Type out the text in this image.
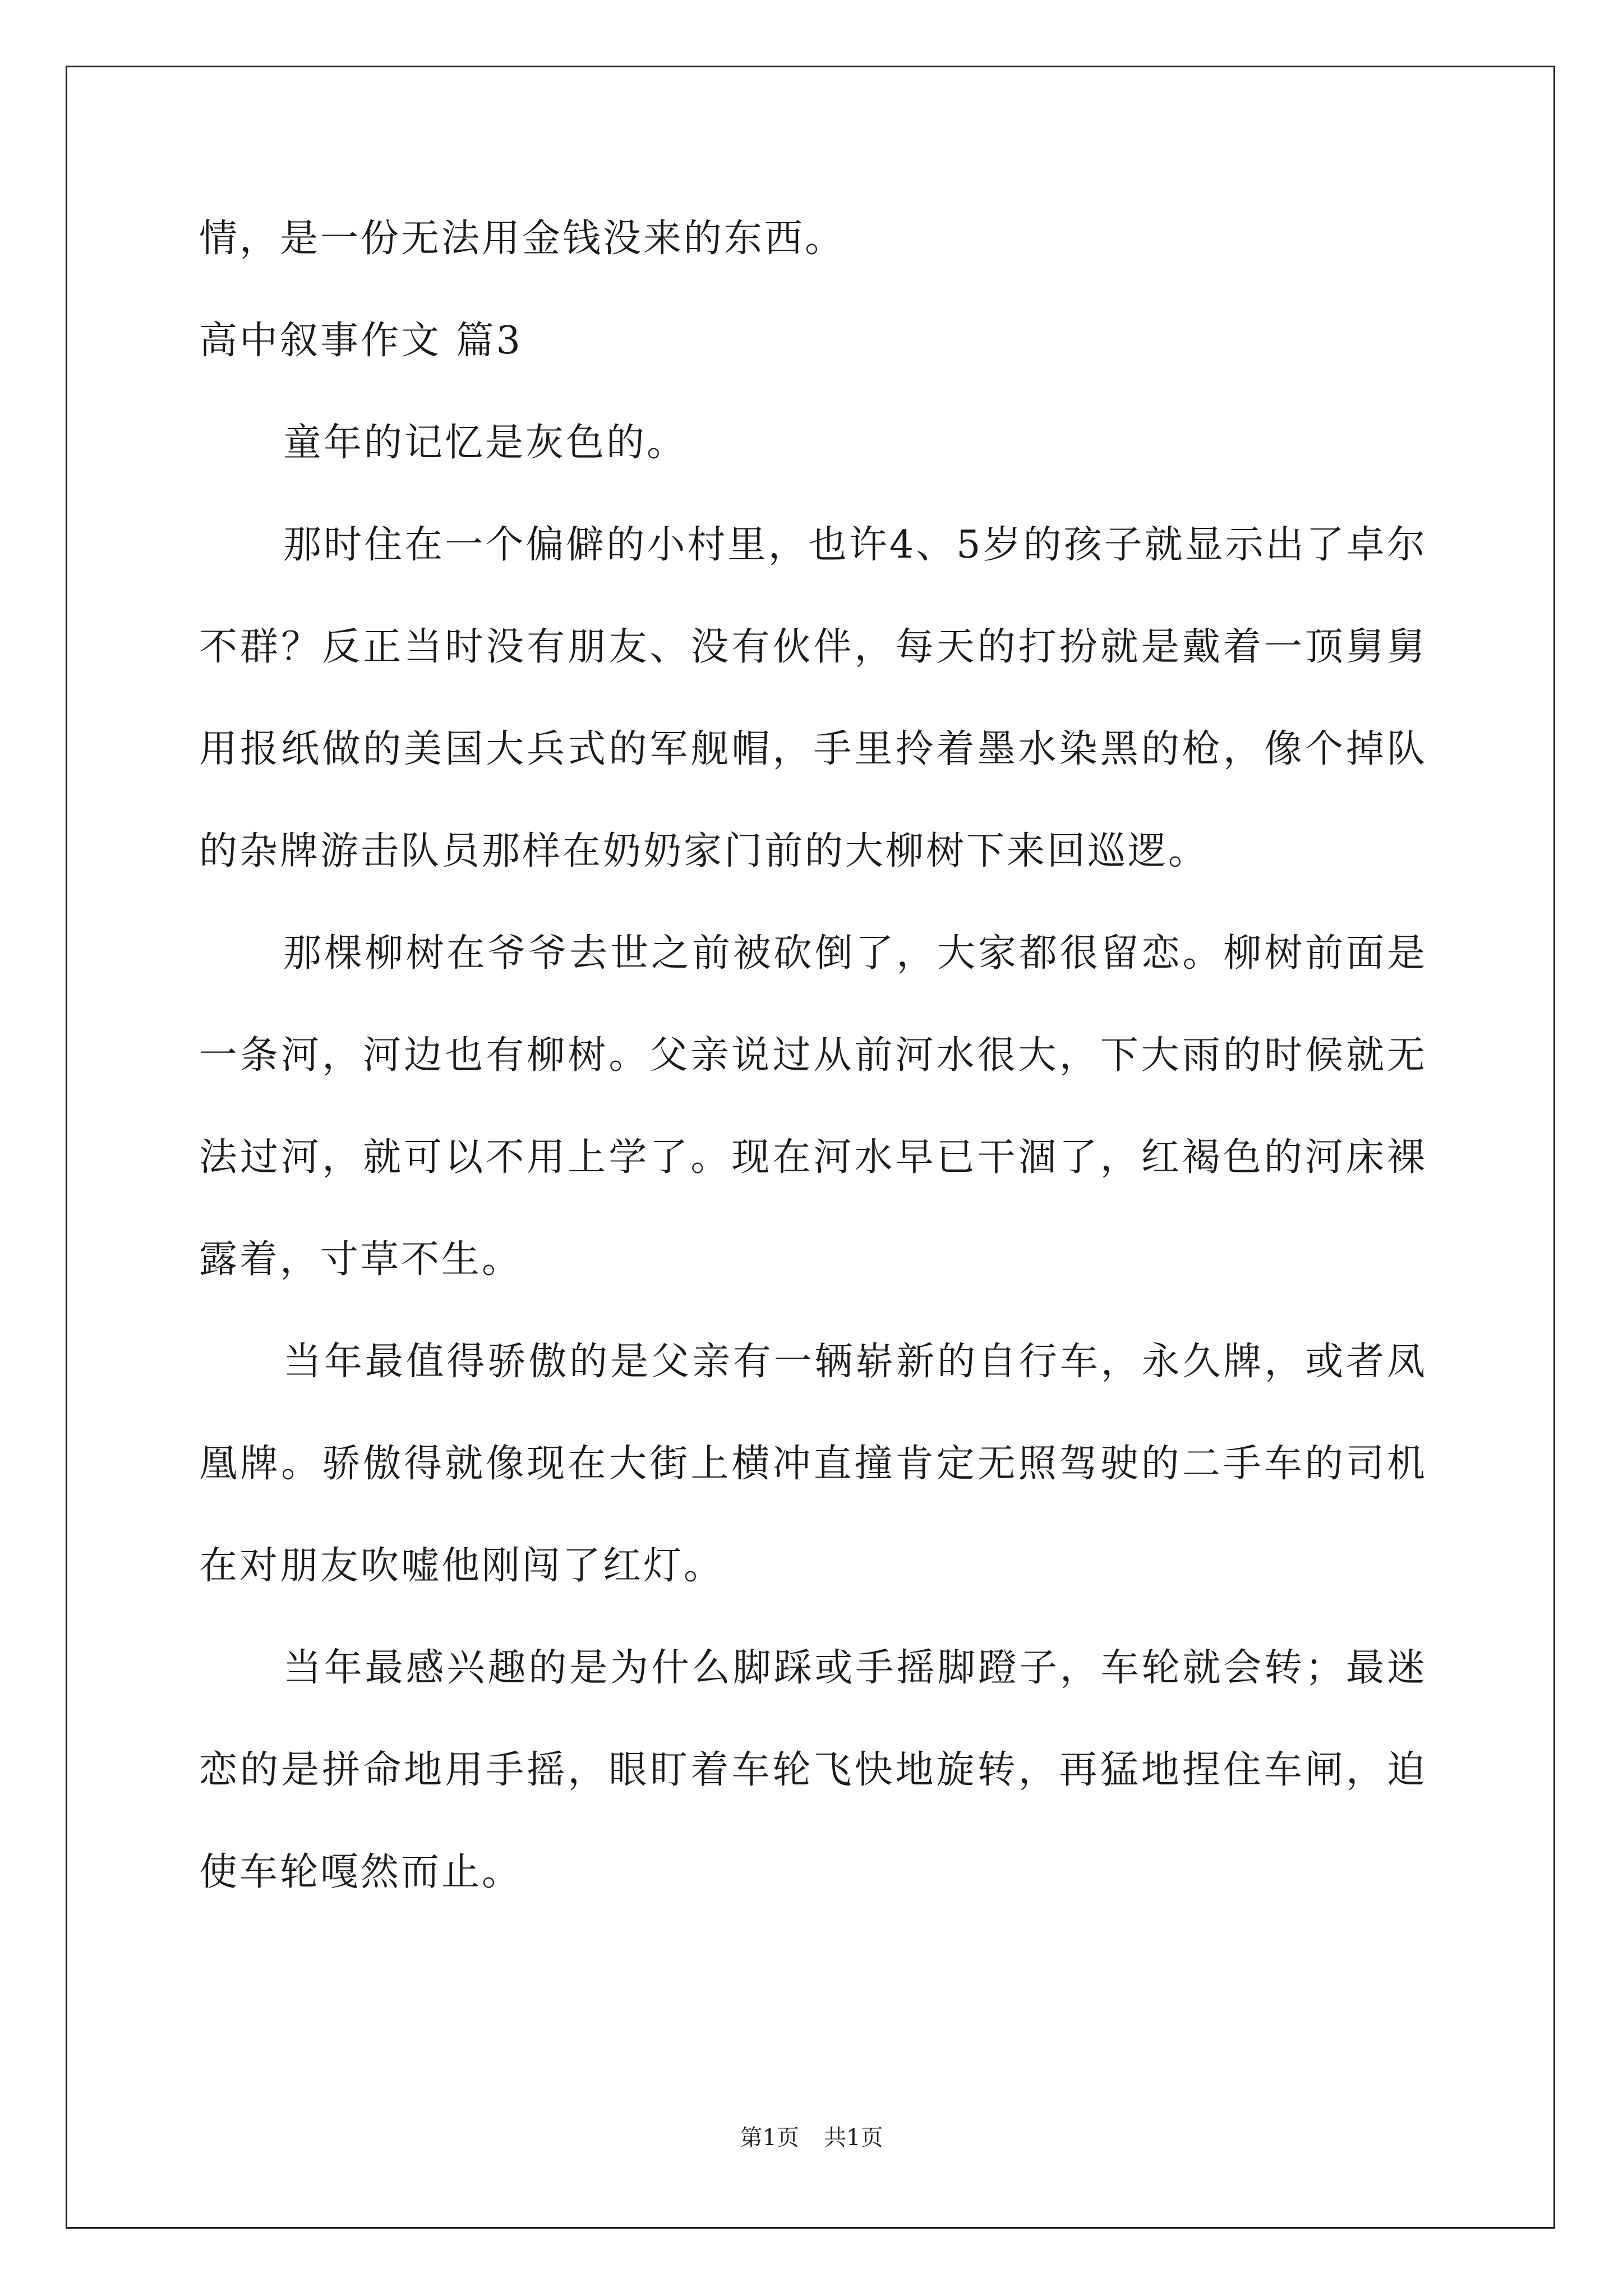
情，是一份无法用金钱没来的东西。
高中叙事作文 篇3
童年的记忆是灰色的。
那时住在一个偏僻的小村里，也许4、5岁的孩子就显示出了卓尔
不群？反正当时没有朋友、没有伙伴，每天的打扮就是戴着一顶舅舅
用报纸做的美国大兵式的军舰帽，手里拎着墨水染黑的枪，像个掉队
的杂牌游击队员那样在奶奶家门前的大柳树下来回巡逻。
那棵柳树在爷爷去世之前被砍倒了，大家都很留恋。柳树前面是
一条河，河边也有柳树。父亲说过从前河水很大，下大雨的时候就无
法过河，就可以不用上学了。现在河水早已干涸了，红褐色的河床裸
露着，寸草不生。
当年最值得骄傲的是父亲有一辆崭新的自行车，永久牌，或者凤
凰牌。骄傲得就像现在大街上横冲直撞肯定无照驾驶的二手车的司机
在对朋友吹嘘他刚闯了红灯。
当年最感兴趣的是为什么脚踩或手摇脚蹬子，车轮就会转；最迷
恋的是拼命地用手摇，眼盯着车轮飞快地旋转，再猛地捏住车闸，迫
使车轮嘎然而止。
第1页 共1页
